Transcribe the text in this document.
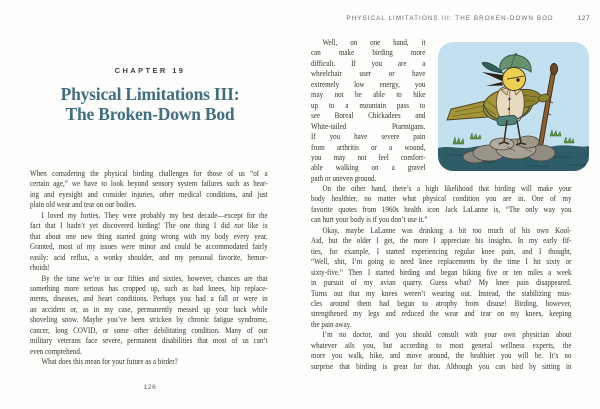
CHAPTER 19
Physical Limitations III:
The Broken-Down Bod
When considering the physical birding challenges for those of us “of a
certain age,” we have to look beyond sensory system failures such as hear-
ing and eyesight and consider injuries, other medical conditions, and just
plain old wear and tear on our bodies.
I loved my forties. They were probably my best decade—except for the
fact that I hadn’t yet discovered birding! The one thing I did not like is
that about one new thing started going wrong with my body every year.
Granted, most of my issues were minor and could be accommodated fairly
easily: acid reflux, a wonky shoulder, and my personal favorite, hemor-
rhoids!
By the time we’re in our fifties and sixties, however, chances are that
something more serious has cropped up, such as bad knees, hip replace-
ments, diseases, and heart conditions. Perhaps you had a fall or were in
an accident or, as in my case, permanently messed up your back while
shoveling snow. Maybe you’ve been stricken by chronic fatigue syndrome,
cancer, long COVID, or some other debilitating condition. Many of our
military veterans face severe, permanent disabilities that most of us can’t
even comprehend.
What does this mean for your future as a birder?
126
PHYSICAL LIMITATIONS III: THE BROKEN-DOWN BOD	127
Well, on one hand, it
can make birding more
difficult. If you are a
wheelchair user or have
extremely low energy, you
may not be able to hike
up to a mountain pass to
see Boreal Chickadees and
White-tailed Ptarmigans.
If you have severe pain
from arthritis or a wound,
you may not feel comfort-
able walking on a gravel
path or uneven ground.
On the other hand, there’s a high likelihood that birding will make your
body healthier, no matter what physical condition you are in. One of my
favorite quotes from 1960s health icon Jack LaLanne is, “The only way you
can hurt your body is if you don’t use it.”
Okay, maybe LaLanne was drinking a bit too much of his own Kool-
Aid, but the older I get, the more I appreciate his insights. In my early fif-
ties, for example, I started experiencing regular knee pain, and I thought,
“Well, shit, I’m going to need knee replacements by the time I hit sixty or
sixty-five.” Then I started birding and began hiking five or ten miles a week
in pursuit of my avian quarry. Guess what? My knee pain disappeared.
Turns out that my knees weren’t wearing out. Instead, the stabilizing mus-
cles around them had begun to atrophy from disuse! Birding, however,
strengthened my legs and reduced the wear and tear on my knees, keeping
the pain away.
I’m no doctor, and you should consult with your own physician about
whatever ails you, but according to most general wellness experts, the
more you walk, hike, and move around, the healthier you will be. It’s no
surprise that birding is great for that. Although you can bird by sitting in
